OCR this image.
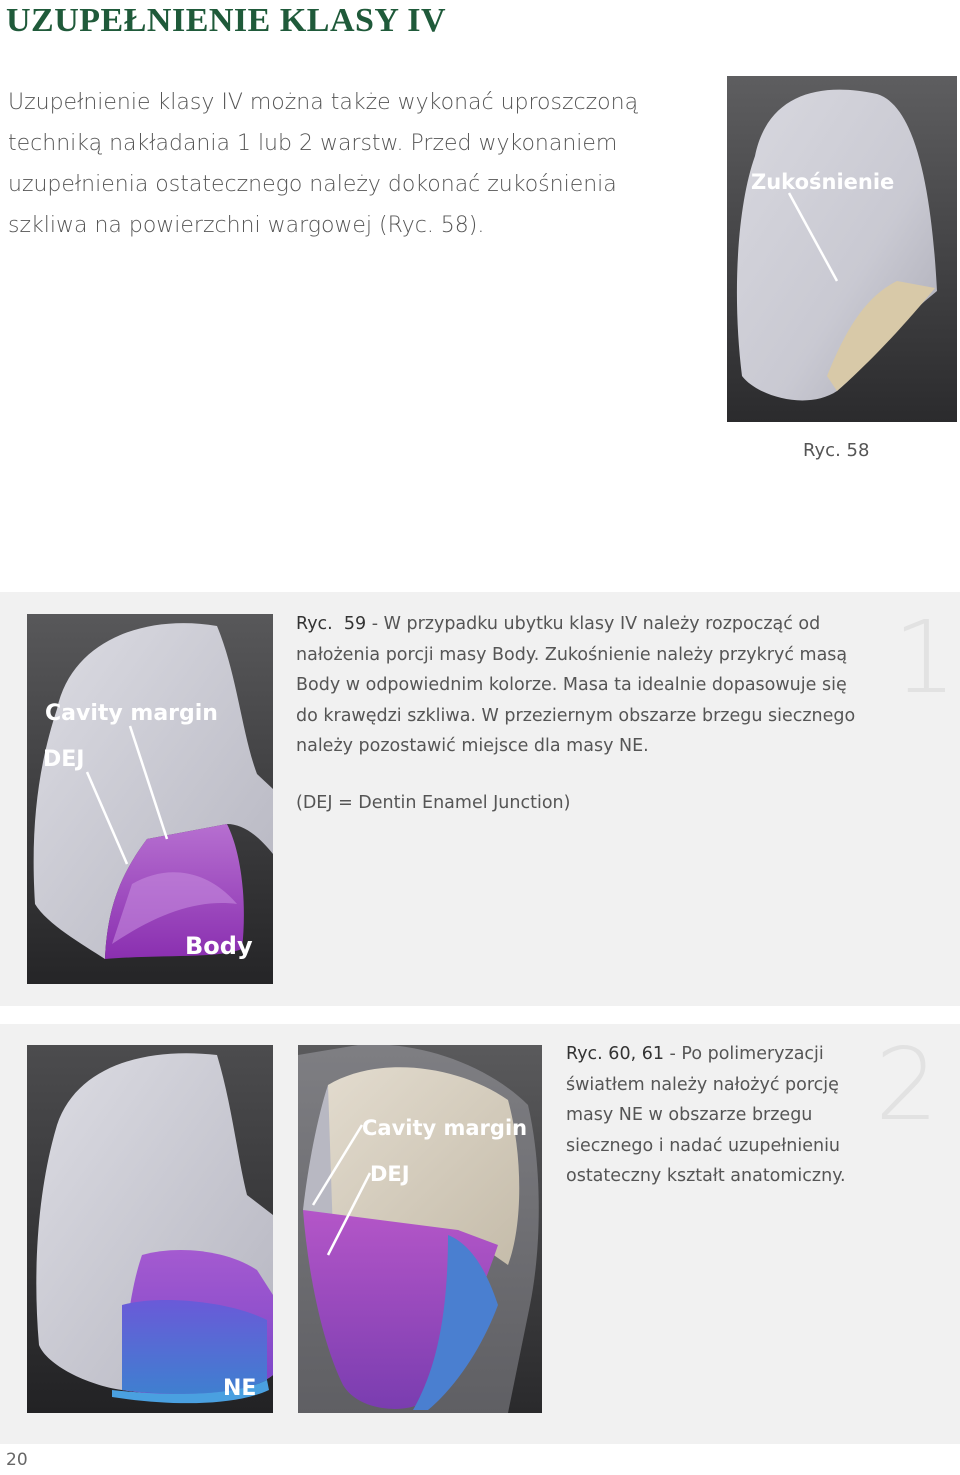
UZUPEŁNIENIE KLASY IV

Uzupełnienie klasy IV można także wykonać uproszczoną techniką nakładania 1 lub 2 warstw. Przed wykonaniem uzupełnienia ostatecznego należy dokonać zukośnienia szkliwa na powierzchni wargowej (Ryc. 58).

Zukośnienie
Ryc. 58
Cavity margin
DEJ
Body

Ryc. 59 - W przypadku ubytku klasy IV należy rozpocząć od nałożenia porcji masy Body. Zukośnienie należy przykryć masą Body w odpowiednim kolorze. Masa ta idealnie dopasowuje się do krawędzi szkliwa. W przeziernym obszarze brzegu siecznego należy pozostawić miejsce dla masy NE.

(DEJ = Dentin Enamel Junction)
1
NE
Cavity margin
DEJ

Ryc. 60, 61 - Po polimeryzacji światłem należy nałożyć porcję masy NE w obszarze brzegu siecznego i nadać uzupełnieniu ostateczny kształt anatomiczny.

2
20
